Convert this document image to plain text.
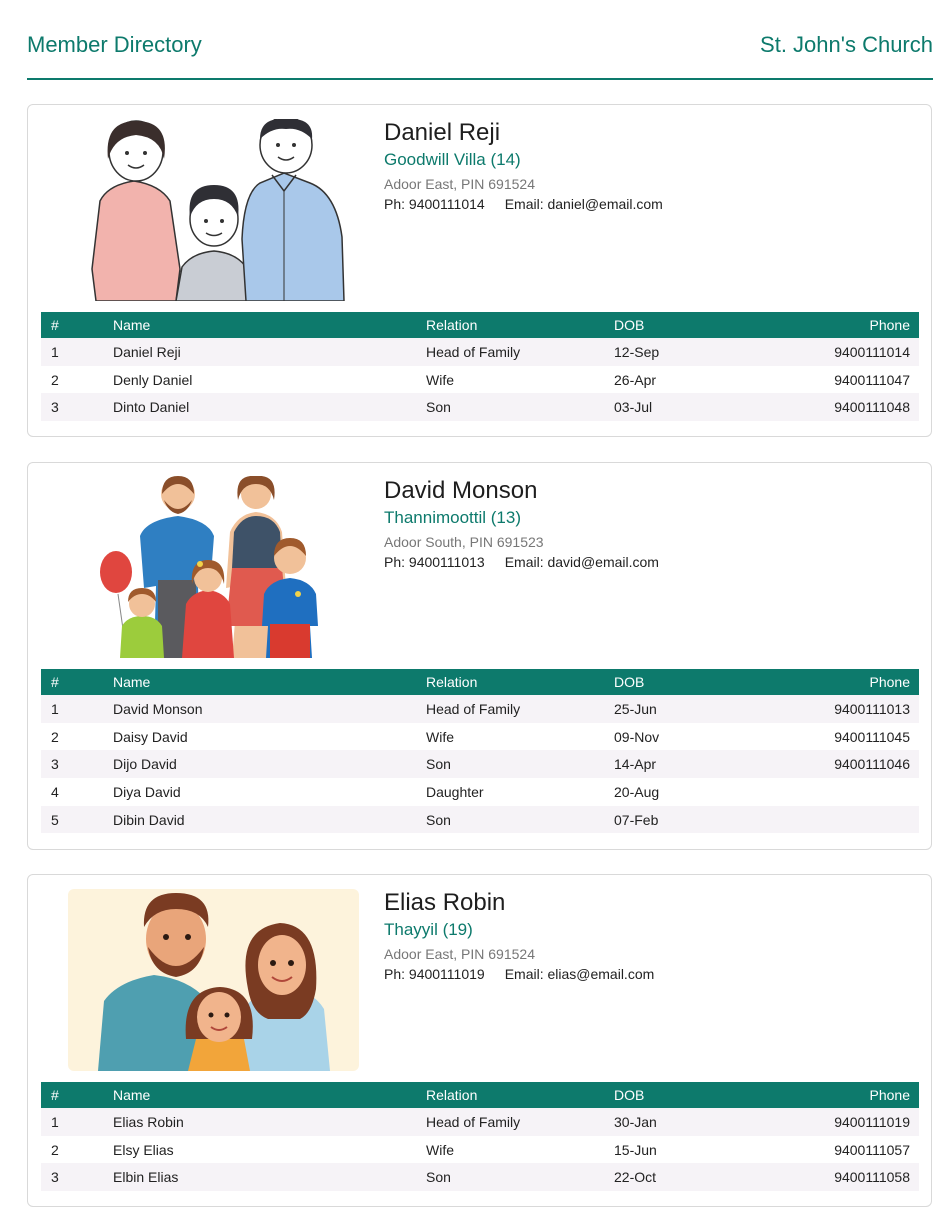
Member Directory	St. John's Church
Daniel Reji
Goodwill Villa (14)
Adoor East, PIN 691524
Ph: 9400111014 Email: daniel@email.com
#	Name	Relation	DOB	Phone
1	Daniel Reji	Head of Family	12-Sep	9400111014
2	Denly Daniel	Wife	26-Apr	9400111047
3	Dinto Daniel	Son	03-Jul	9400111048
David Monson
Thannimoottil (13)
Adoor South, PIN 691523
Ph: 9400111013 Email: david@email.com
#	Name	Relation	DOB	Phone
1	David Monson	Head of Family	25-Jun	9400111013
2	Daisy David	Wife	09-Nov	9400111045
3	Dijo David	Son	14-Apr	9400111046
4	Diya David	Daughter	20-Aug	
5	Dibin David	Son	07-Feb	
Elias Robin
Thayyil (19)
Adoor East, PIN 691524
Ph: 9400111019 Email: elias@email.com
#	Name	Relation	DOB	Phone
1	Elias Robin	Head of Family	30-Jan	9400111019
2	Elsy Elias	Wife	15-Jun	9400111057
3	Elbin Elias	Son	22-Oct	9400111058
